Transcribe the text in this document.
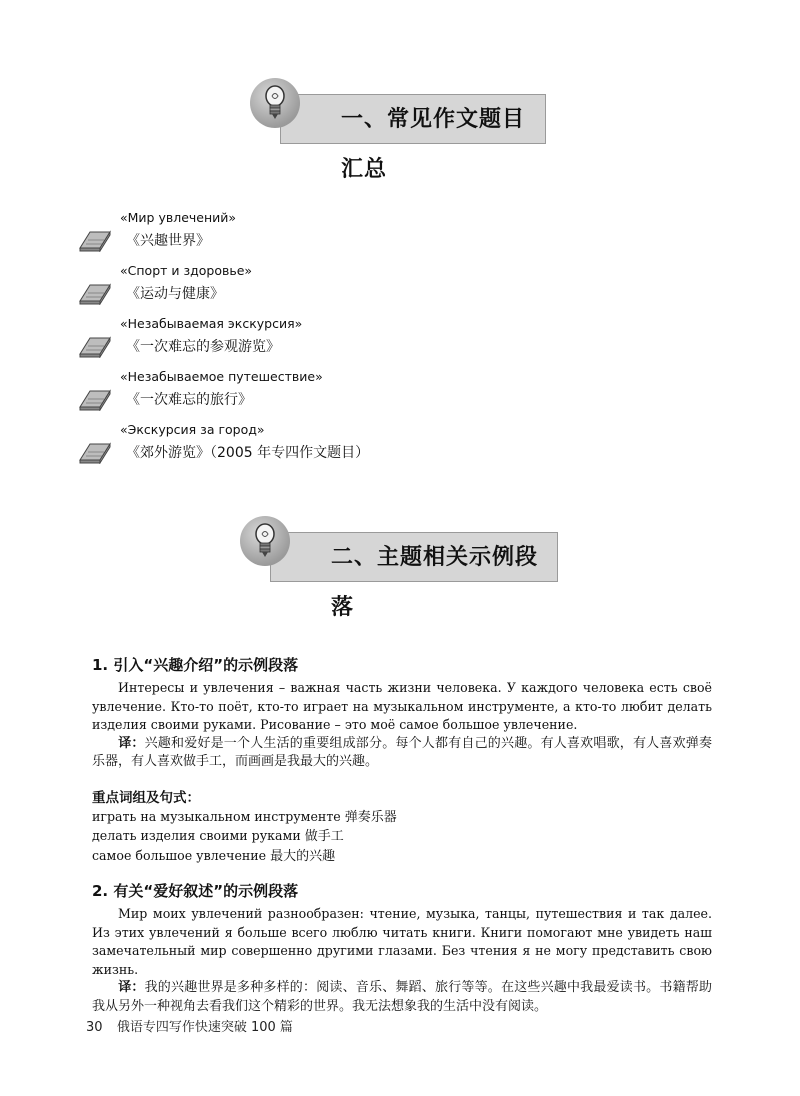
一、常见作文题目汇总
«Мир увлечений»
《兴趣世界》
«Спорт и здоровье»
《运动与健康》
«Незабываемая экскурсия»
《一次难忘的参观游览》
«Незабываемое путешествие»
《一次难忘的旅行》
«Экскурсия за город»
《郊外游览》（2005 年专四作文题目）
二、主题相关示例段落
1. 引入“兴趣介绍”的示例段落

Интересы и увлечения – важная часть жизни человека. У каждого человека есть своё увлечение. Кто-то поёт, кто-то играет на музыкальном инструменте, а кто-то любит делать изделия своими руками. Рисование – это моё самое большое увлечение.

译：兴趣和爱好是一个人生活的重要组成部分。每个人都有自己的兴趣。有人喜欢唱歌，有人喜欢弹奏乐器，有人喜欢做手工，而画画是我最大的兴趣。

重点词组及句式：
играть на музыкальном инструменте 弹奏乐器
делать изделия своими руками 做手工
самое большое увлечение 最大的兴趣
2. 有关“爱好叙述”的示例段落

Мир моих увлечений разнообразен: чтение, музыка, танцы, путешествия и так далее. Из этих увлечений я больше всего люблю читать книги. Книги помогают мне увидеть наш замечательный мир совершенно другими глазами. Без чтения я не могу представить свою жизнь.

译：我的兴趣世界是多种多样的：阅读、音乐、舞蹈、旅行等等。在这些兴趣中我最爱读书。书籍帮助我从另外一种视角去看我们这个精彩的世界。我无法想象我的生活中没有阅读。

30 俄语专四写作快速突破 100 篇
